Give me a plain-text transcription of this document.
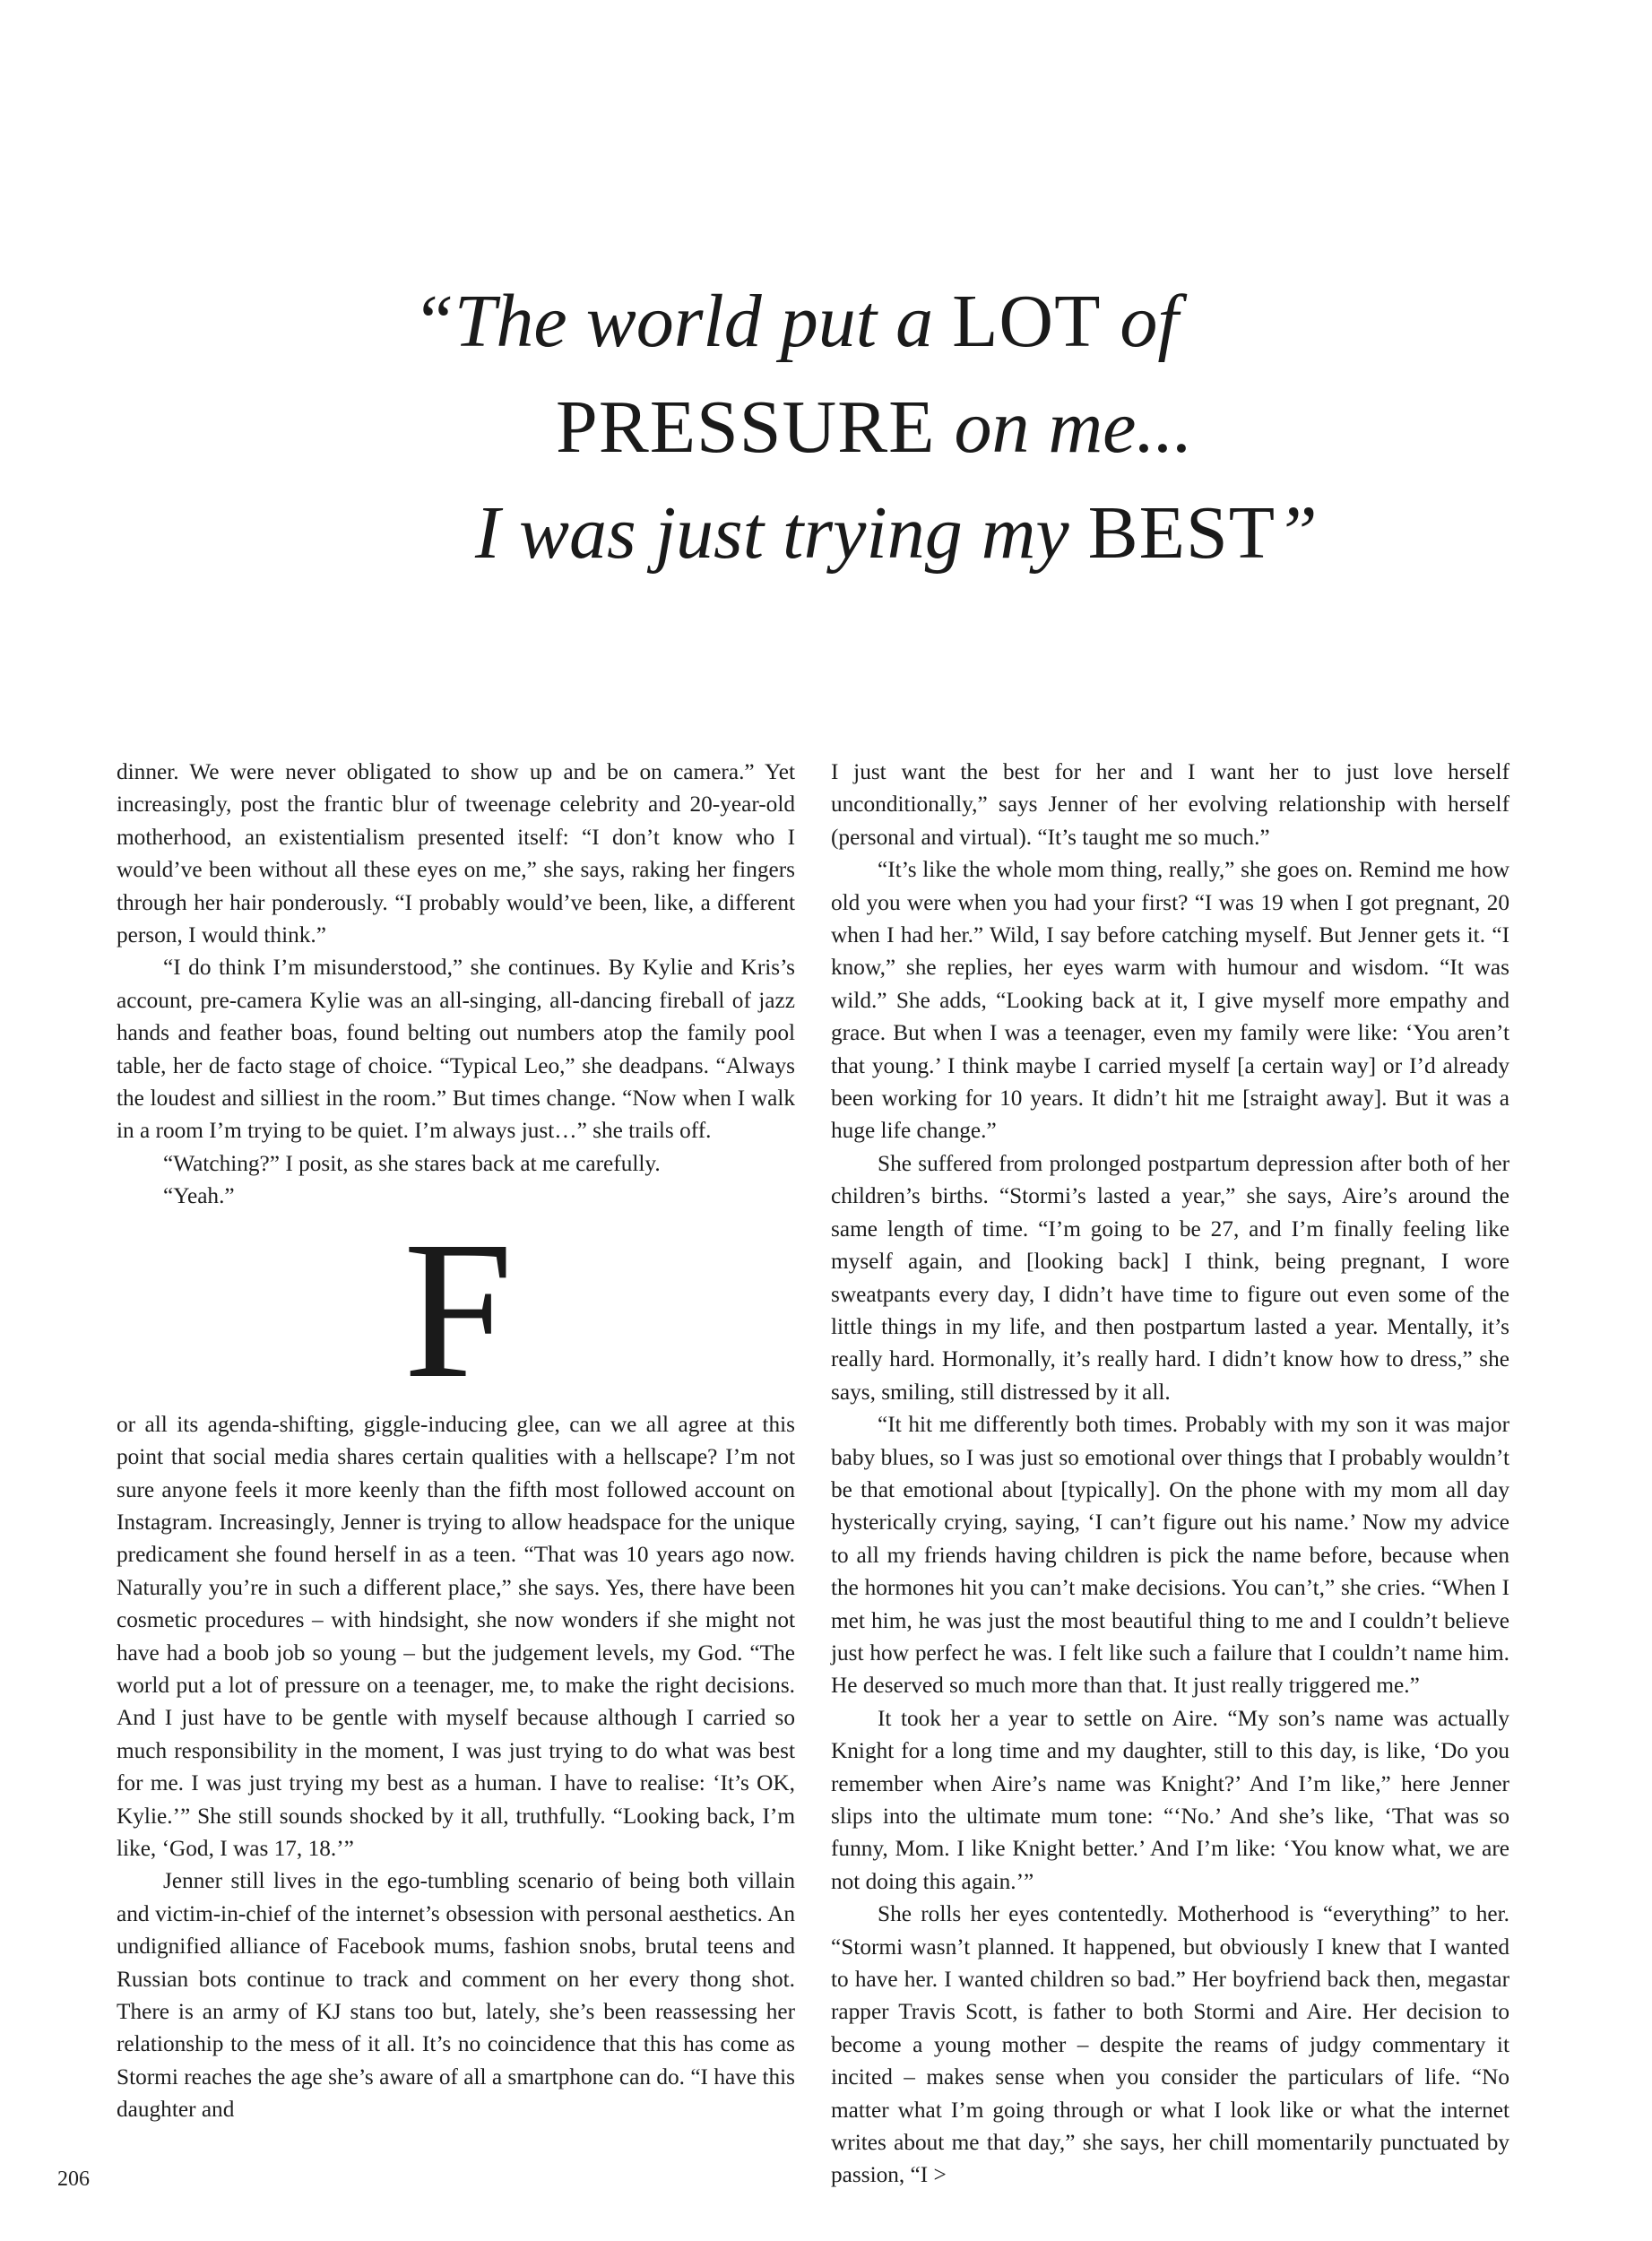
“The world put a LOT of
PRESSURE on me...
I was just trying my BEST”

dinner. We were never obligated to show up and be on camera.” Yet increasingly, post the frantic blur of tweenage celebrity and 20-year-old motherhood, an existentialism presented itself: “I don’t know who I would’ve been without all these eyes on me,” she says, raking her fingers through her hair ponderously. “I probably would’ve been, like, a different person, I would think.”

“I do think I’m misunderstood,” she continues. By Kylie and Kris’s account, pre-camera Kylie was an all-singing, all-dancing fireball of jazz hands and feather boas, found belting out numbers atop the family pool table, her de facto stage of choice. “Typical Leo,” she deadpans. “Always the loudest and silliest in the room.” But times change. “Now when I walk in a room I’m trying to be quiet. I’m always just…” she trails off.

“Watching?” I posit, as she stares back at me carefully.

“Yeah.”

F

or all its agenda-shifting, giggle-inducing glee, can we all agree at this point that social media shares certain qualities with a hellscape? I’m not sure anyone feels it more keenly than the fifth most followed account on Instagram. Increasingly, Jenner is trying to allow headspace for the unique predicament she found herself in as a teen. “That was 10 years ago now. Naturally you’re in such a different place,” she says. Yes, there have been cosmetic procedures – with hindsight, she now wonders if she might not have had a boob job so young – but the judgement levels, my God. “The world put a lot of pressure on a teenager, me, to make the right decisions. And I just have to be gentle with myself because although I carried so much responsibility in the moment, I was just trying to do what was best for me. I was just trying my best as a human. I have to realise: ‘It’s OK, Kylie.’” She still sounds shocked by it all, truthfully. “Looking back, I’m like, ‘God, I was 17, 18.’”

Jenner still lives in the ego-tumbling scenario of being both villain and victim-in-chief of the internet’s obsession with personal aesthetics. An undignified alliance of Facebook mums, fashion snobs, brutal teens and Russian bots continue to track and comment on her every thong shot. There is an army of KJ stans too but, lately, she’s been reassessing her relationship to the mess of it all. It’s no coincidence that this has come as Stormi reaches the age she’s aware of all a smartphone can do. “I have this daughter and

I just want the best for her and I want her to just love herself unconditionally,” says Jenner of her evolving relationship with herself (personal and virtual). “It’s taught me so much.”

“It’s like the whole mom thing, really,” she goes on. Remind me how old you were when you had your first? “I was 19 when I got pregnant, 20 when I had her.” Wild, I say before catching myself. But Jenner gets it. “I know,” she replies, her eyes warm with humour and wisdom. “It was wild.” She adds, “Looking back at it, I give myself more empathy and grace. But when I was a teenager, even my family were like: ‘You aren’t that young.’ I think maybe I carried myself [a certain way] or I’d already been working for 10 years. It didn’t hit me [straight away]. But it was a huge life change.”

She suffered from prolonged postpartum depression after both of her children’s births. “Stormi’s lasted a year,” she says, Aire’s around the same length of time. “I’m going to be 27, and I’m finally feeling like myself again, and [looking back] I think, being pregnant, I wore sweatpants every day, I didn’t have time to figure out even some of the little things in my life, and then postpartum lasted a year. Mentally, it’s really hard. Hormonally, it’s really hard. I didn’t know how to dress,” she says, smiling, still distressed by it all.

“It hit me differently both times. Probably with my son it was major baby blues, so I was just so emotional over things that I probably wouldn’t be that emotional about [typically]. On the phone with my mom all day hysterically crying, saying, ‘I can’t figure out his name.’ Now my advice to all my friends having children is pick the name before, because when the hormones hit you can’t make decisions. You can’t,” she cries. “When I met him, he was just the most beautiful thing to me and I couldn’t believe just how perfect he was. I felt like such a failure that I couldn’t name him. He deserved so much more than that. It just really triggered me.”

It took her a year to settle on Aire. “My son’s name was actually Knight for a long time and my daughter, still to this day, is like, ‘Do you remember when Aire’s name was Knight?’ And I’m like,” here Jenner slips into the ultimate mum tone: “‘No.’ And she’s like, ‘That was so funny, Mom. I like Knight better.’ And I’m like: ‘You know what, we are not doing this again.’”

She rolls her eyes contentedly. Motherhood is “everything” to her. “Stormi wasn’t planned. It happened, but obviously I knew that I wanted to have her. I wanted children so bad.” Her boyfriend back then, megastar rapper Travis Scott, is father to both Stormi and Aire. Her decision to become a young mother – despite the reams of judgy commentary it incited – makes sense when you consider the particulars of life. “No matter what I’m going through or what I look like or what the internet writes about me that day,” she says, her chill momentarily punctuated by passion, “I >

206
